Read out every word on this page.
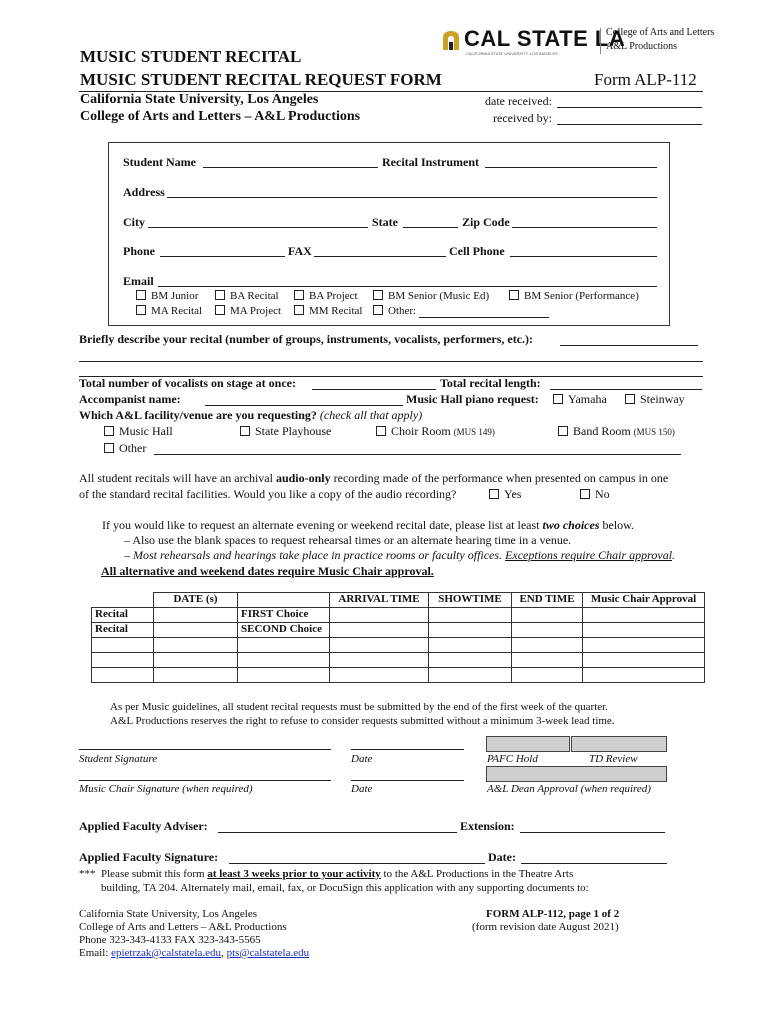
CAL STATE LA
CALIFORNIA STATE UNIVERSITY, LOS ANGELES
College of Arts and Letters
A&L Productions
MUSIC STUDENT RECITAL
MUSIC STUDENT RECITAL REQUEST FORM	Form ALP-112
California State University, Los Angeles
College of Arts and Letters – A&L Productions
date received:
received by:
Student Name	Recital Instrument
Address
City	State	Zip Code
Phone	FAX	Cell Phone
Email
BM Junior	BA Recital	BA Project	BM Senior (Music Ed)	BM Senior (Performance)
MA Recital	MA Project	MM Recital	Other:
Briefly describe your recital (number of groups, instruments, vocalists, performers, etc.):
Total number of vocalists on stage at once:	Total recital length:
Accompanist name:	Music Hall piano request:	Yamaha	Steinway
Which A&L facility/venue are you requesting? (check all that apply)
Music Hall	State Playhouse	Choir Room (MUS 149)	Band Room (MUS 150)
Other
All student recitals will have an archival audio-only recording made of the performance when presented on campus in one
of the standard recital facilities. Would you like a copy of the audio recording?	Yes	No
If you would like to request an alternate evening or weekend recital date, please list at least two choices below.
– Also use the blank spaces to request rehearsal times or an alternate hearing time in a venue.
– Most rehearsals and hearings take place in practice rooms or faculty offices. Exceptions require Chair approval.
All alternative and weekend dates require Music Chair approval.
	DATE (s)		ARRIVAL TIME	SHOWTIME	END TIME	Music Chair Approval
Recital		FIRST Choice				
Recital		SECOND Choice				

As per Music guidelines, all student recital requests must be submitted by the end of the first week of the quarter.
A&L Productions reserves the right to refuse to consider requests submitted without a minimum 3-week lead time.
Student Signature	Date	PAFC Hold	TD Review
Music Chair Signature (when required)	Date	A&L Dean Approval (when required)
Applied Faculty Adviser:	Extension:
Applied Faculty Signature:	Date:
*** Please submit this form at least 3 weeks prior to your activity to the A&L Productions in the Theatre Arts
building, TA 204. Alternately mail, email, fax, or DocuSign this application with any supporting documents to:
California State University, Los Angeles
College of Arts and Letters – A&L Productions
Phone 323-343-4133 FAX 323-343-5565
Email: epietrzak@calstatela.edu, pts@calstatela.edu
FORM ALP-112, page 1 of 2
(form revision date August 2021)
